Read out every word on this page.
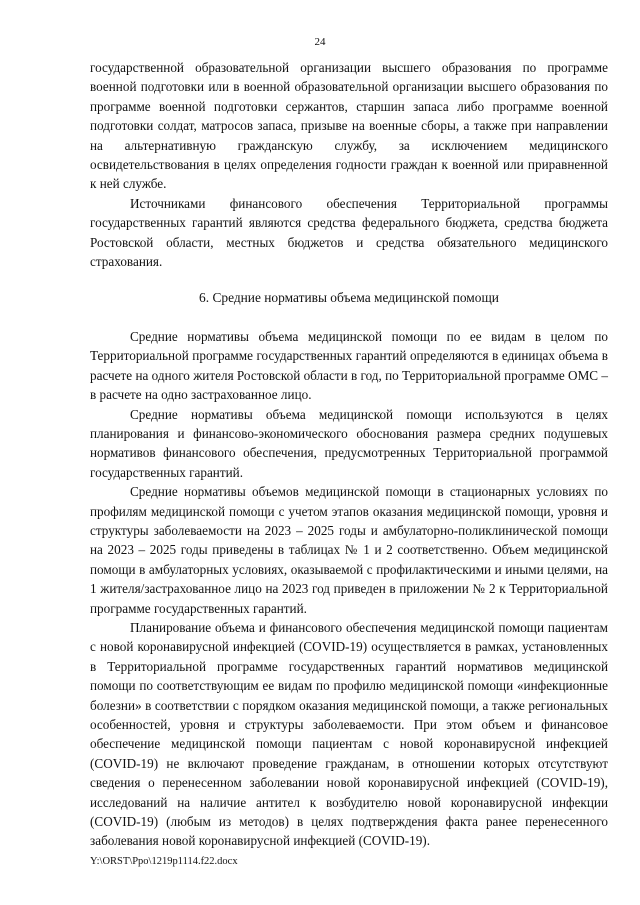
24

государственной образовательной организации высшего образования по программе военной подготовки или в военной образовательной организации высшего образования по программе военной подготовки сержантов, старшин запаса либо программе военной подготовки солдат, матросов запаса, призыве на военные сборы, а также при направлении на альтернативную гражданскую службу, за исключением медицинского освидетельствования в целях определения годности граждан к военной или приравненной к ней службе.

Источниками финансового обеспечения Территориальной программы государственных гарантий являются средства федерального бюджета, средства бюджета Ростовской области, местных бюджетов и средства обязательного медицинского страхования.

6. Средние нормативы объема медицинской помощи

Средние нормативы объема медицинской помощи по ее видам в целом по Территориальной программе государственных гарантий определяются в единицах объема в расчете на одного жителя Ростовской области в год, по Территориальной программе ОМС – в расчете на одно застрахованное лицо.

Средние нормативы объема медицинской помощи используются в целях планирования и финансово-экономического обоснования размера средних подушевых нормативов финансового обеспечения, предусмотренных Территориальной программой государственных гарантий.

Средние нормативы объемов медицинской помощи в стационарных условиях по профилям медицинской помощи с учетом этапов оказания медицинской помощи, уровня и структуры заболеваемости на 2023 – 2025 годы и амбулаторно-поликлинической помощи на 2023 – 2025 годы приведены в таблицах № 1 и 2 соответственно. Объем медицинской помощи в амбулаторных условиях, оказываемой с профилактическими и иными целями, на 1 жителя/застрахованное лицо на 2023 год приведен в приложении № 2 к Территориальной программе государственных гарантий.

Планирование объема и финансового обеспечения медицинской помощи пациентам с новой коронавирусной инфекцией (COVID-19) осуществляется в рамках, установленных в Территориальной программе государственных гарантий нормативов медицинской помощи по соответствующим ее видам по профилю медицинской помощи «инфекционные болезни» в соответствии с порядком оказания медицинской помощи, а также региональных особенностей, уровня и структуры заболеваемости. При этом объем и финансовое обеспечение медицинской помощи пациентам с новой коронавирусной инфекцией (COVID-19) не включают проведение гражданам, в отношении которых отсутствуют сведения о перенесенном заболевании новой коронавирусной инфекцией (COVID-19), исследований на наличие антител к возбудителю новой коронавирусной инфекции (COVID-19) (любым из методов) в целях подтверждения факта ранее перенесенного заболевания новой коронавирусной инфекцией (COVID-19).

Y:\ORST\Ppo\1219p1114.f22.docx
